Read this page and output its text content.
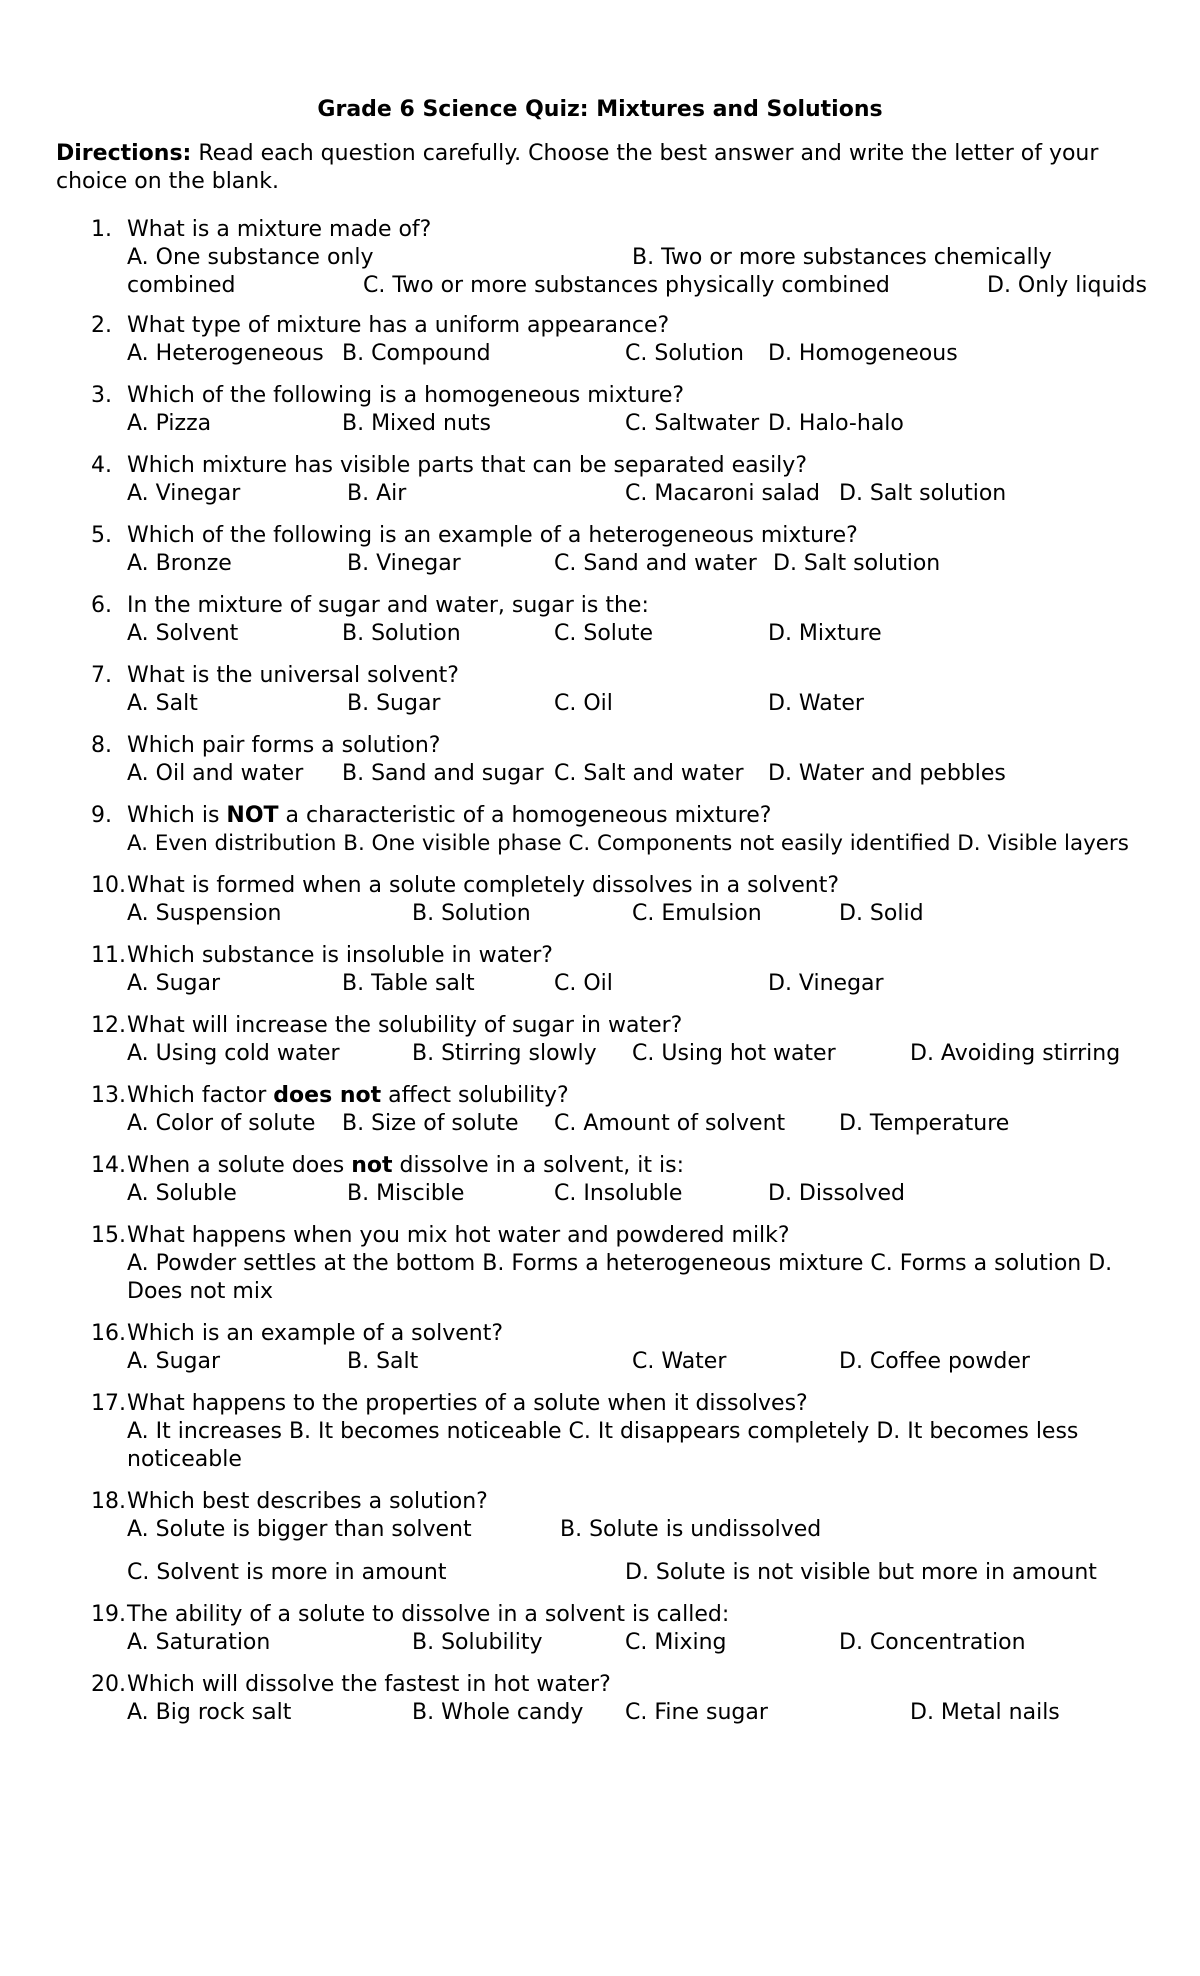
Grade 6 Science Quiz: Mixtures and Solutions
Directions: Read each question carefully. Choose the best answer and write the letter of your choice on the blank.
1. What is a mixture made of?
A. One substance only	B. Two or more substances chemically
combined	C. Two or more substances physically combined	D. Only liquids
2. What type of mixture has a uniform appearance?
A. Heterogeneous B. Compound	C. Solution D. Homogeneous
3. Which of the following is a homogeneous mixture?
A. Pizza	B. Mixed nuts	C. Saltwater D. Halo-halo
4. Which mixture has visible parts that can be separated easily?
A. Vinegar	B. Air	C. Macaroni salad D. Salt solution
5. Which of the following is an example of a heterogeneous mixture?
A. Bronze	B. Vinegar	C. Sand and water D. Salt solution
6. In the mixture of sugar and water, sugar is the:
A. Solvent	B. Solution	C. Solute	D. Mixture
7. What is the universal solvent?
A. Salt	B. Sugar	C. Oil	D. Water
8. Which pair forms a solution?
A. Oil and water B. Sand and sugar C. Salt and water D. Water and pebbles
9. Which is NOT a characteristic of a homogeneous mixture?
A. Even distribution B. One visible phase C. Components not easily identified D. Visible layers
10.What is formed when a solute completely dissolves in a solvent?
A. Suspension	B. Solution	C. Emulsion	D. Solid
11.Which substance is insoluble in water?
A. Sugar	B. Table salt	C. Oil	D. Vinegar
12.What will increase the solubility of sugar in water?
A. Using cold water	B. Stirring slowly C. Using hot water	D. Avoiding stirring
13.Which factor does not affect solubility?
A. Color of solute B. Size of solute C. Amount of solvent D. Temperature
14.When a solute does not dissolve in a solvent, it is:
A. Soluble	B. Miscible	C. Insoluble	D. Dissolved
15.What happens when you mix hot water and powdered milk?
A. Powder settles at the bottom B. Forms a heterogeneous mixture C. Forms a solution D. Does not mix
16.Which is an example of a solvent?
A. Sugar	B. Salt	C. Water	D. Coffee powder
17.What happens to the properties of a solute when it dissolves?
A. It increases B. It becomes noticeable C. It disappears completely D. It becomes less noticeable
18.Which best describes a solution?
A. Solute is bigger than solvent	B. Solute is undissolved
C. Solvent is more in amount	D. Solute is not visible but more in amount
19.The ability of a solute to dissolve in a solvent is called:
A. Saturation	B. Solubility	C. Mixing	D. Concentration
20.Which will dissolve the fastest in hot water?
A. Big rock salt	B. Whole candy C. Fine sugar	D. Metal nails
